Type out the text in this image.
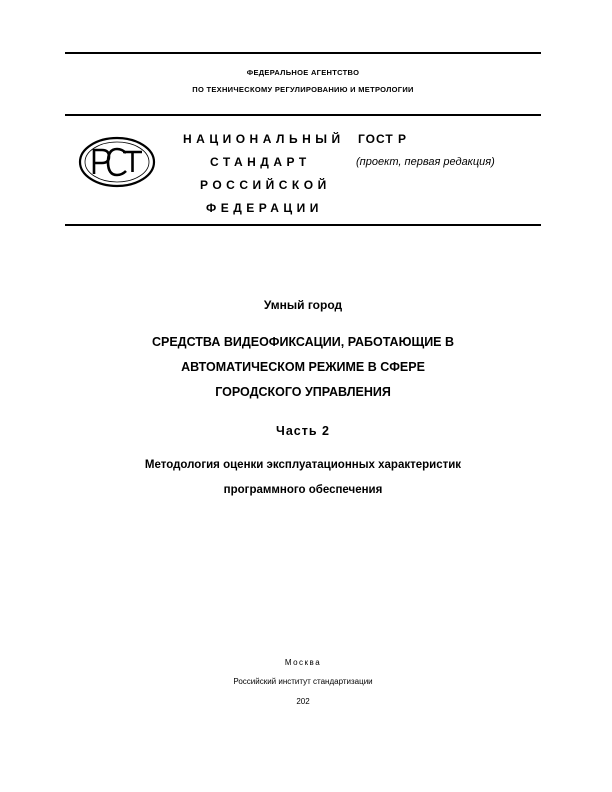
ФЕДЕРАЛЬНОЕ АГЕНТСТВО
ПО ТЕХНИЧЕСКОМУ РЕГУЛИРОВАНИЮ И МЕТРОЛОГИИ
НАЦИОНАЛЬНЫЙ
СТАНДАРТ
РОССИЙСКОЙ
ФЕДЕРАЦИИ
ГОСТ Р
(проект, первая редакция)
Умный город
СРЕДСТВА ВИДЕОФИКСАЦИИ, РАБОТАЮЩИЕ В
АВТОМАТИЧЕСКОМ РЕЖИМЕ В СФЕРЕ
ГОРОДСКОГО УПРАВЛЕНИЯ
Часть 2
Методология оценки эксплуатационных характеристик
программного обеспечения
Москва
Российский институт стандартизации
202
